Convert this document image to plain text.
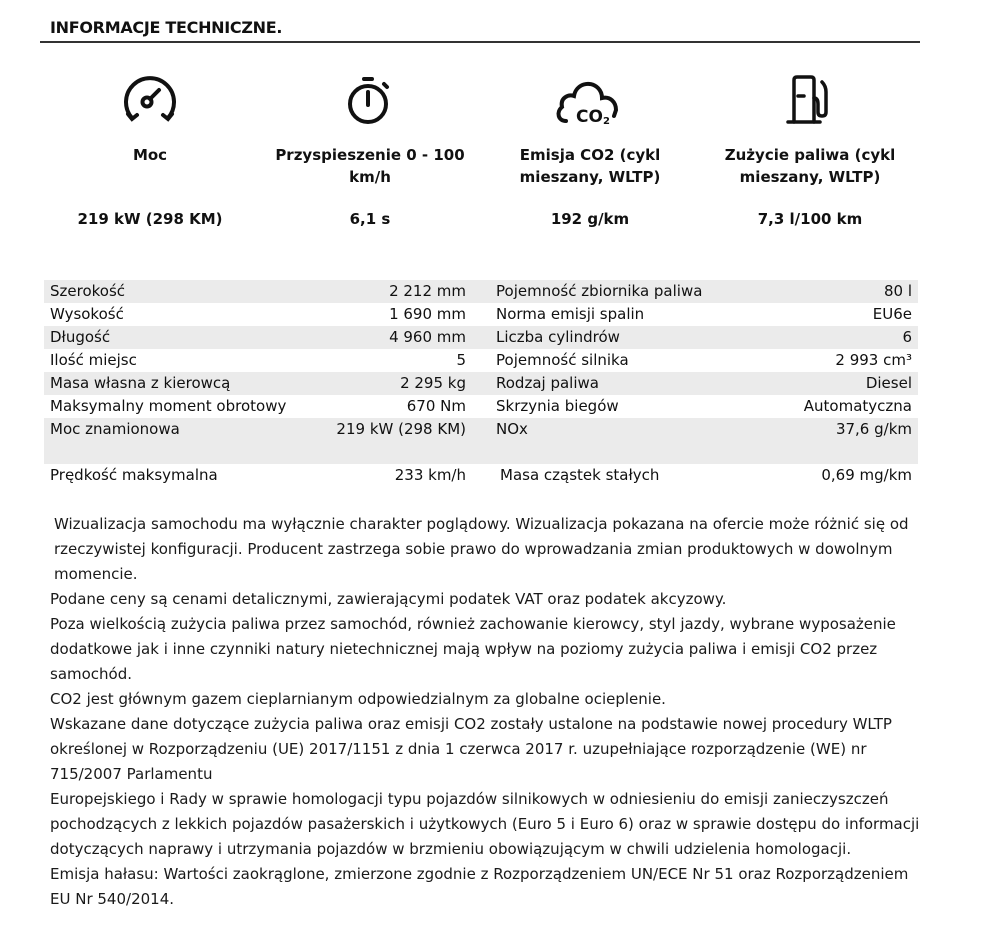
INFORMACJE TECHNICZNE.
Moc
219 kW (298 KM)
Przyspieszenie 0 - 100 km/h
6,1 s
CO 2
Emisja CO2 (cykl mieszany, WLTP)
192 g/km
Zużycie paliwa (cykl mieszany, WLTP)
7,3 l/100 km
Szerokość	2 212 mm	Pojemność zbiornika paliwa	80 l
Wysokość	1 690 mm	Norma emisji spalin	EU6e
Długość	4 960 mm	Liczba cylindrów	6
Ilość miejsc	5	Pojemność silnika	2 993 cm³
Masa własna z kierowcą	2 295 kg	Rodzaj paliwa	Diesel
Maksymalny moment obrotowy	670 Nm	Skrzynia biegów	Automatyczna
Moc znamionowa	219 kW (298 KM)	NOx	37,6 g/km
Prędkość maksymalna	233 km/h	Masa cząstek stałych	0,69 mg/km

Wizualizacja samochodu ma wyłącznie charakter poglądowy. Wizualizacja pokazana na ofercie może różnić się od rzeczywistej konfiguracji. Producent zastrzega sobie prawo do wprowadzania zmian produktowych w dowolnym momencie.

Podane ceny są cenami detalicznymi, zawierającymi podatek VAT oraz podatek akcyzowy.

Poza wielkością zużycia paliwa przez samochód, również zachowanie kierowcy, styl jazdy, wybrane wyposażenie dodatkowe jak i inne czynniki natury nietechnicznej mają wpływ na poziomy zużycia paliwa i emisji CO2 przez samochód.

CO2 jest głównym gazem cieplarnianym odpowiedzialnym za globalne ocieplenie.

Wskazane dane dotyczące zużycia paliwa oraz emisji CO2 zostały ustalone na podstawie nowej procedury WLTP określonej w Rozporządzeniu (UE) 2017/1151 z dnia 1 czerwca 2017 r. uzupełniające rozporządzenie (WE) nr 715/2007 Parlamentu

Europejskiego i Rady w sprawie homologacji typu pojazdów silnikowych w odniesieniu do emisji zanieczyszczeń pochodzących z lekkich pojazdów pasażerskich i użytkowych (Euro 5 i Euro 6) oraz w sprawie dostępu do informacji dotyczących naprawy i utrzymania pojazdów w brzmieniu obowiązującym w chwili udzielenia homologacji.

Emisja hałasu: Wartości zaokrąglone, zmierzone zgodnie z Rozporządzeniem UN/ECE Nr 51 oraz Rozporządzeniem EU Nr 540/2014.
